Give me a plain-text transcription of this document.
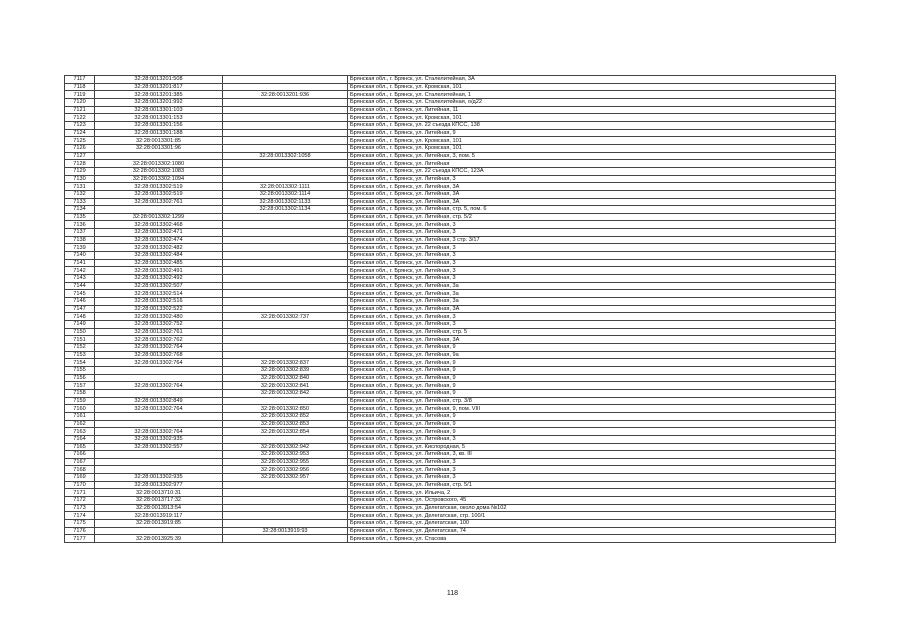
7117	32:28:0013201:508		Брянская обл., г. Брянск, ул. Сталелитейная, 3А
7118	32:28:0013201:817		Брянская обл., г. Брянск, ул. Кромская, 101
7119	32:28:0013201:385	32:28:0013201:936	Брянская обл., г. Брянск, ул. Сталелитейная, 1
7120	32:28:0013201:992		Брянская обл., г. Брянск, ул. Сталелитейная, о/д22
7121	32:28:0013301:103		Брянская обл., г. Брянск, ул. Литейная, 11
7122	32:28:0013301:153		Брянская обл., г. Брянск, ул. Кромская, 101
7123	32:28:0013301:156		Брянская обл., г. Брянск, ул. 22 съезда КПСС, 138
7124	32:28:0013301:188		Брянская обл., г. Брянск, ул. Литейная, 9
7125	32:28:0013301:85		Брянская обл., г. Брянск, ул. Кромская, 101
7126	32:28:0013301:96		Брянская обл., г. Брянск, ул. Кромская, 101
7127		32:28:0013302:1058	Брянская обл., г. Брянск, ул. Литейная, 3, пом. 5
7128	32:28:0013302:1080		Брянская обл., г. Брянск, ул. Литейная
7129	32:28:0013302:1083		Брянская обл., г. Брянск, ул. 22 съезда КПСС, 123А
7130	32:28:0013302:1094		Брянская обл., г. Брянск, ул. Литейная, 3
7131	32:28:0013302:519	32:28:0013302:1111	Брянская обл., г. Брянск, ул. Литейная, 3А
7132	32:28:0013302:519	32:28:0013302:1114	Брянская обл., г. Брянск, ул. Литейная, 3А
7133	32:28:0013302:761	32:28:0013302:1133	Брянская обл., г. Брянск, ул. Литейная, 3А
7134		32:28:0013302:1134	Брянская обл., г. Брянск, ул. Литейная, стр. 5, пом. 6
7135	32:28:0013302:1299		Брянская обл., г. Брянск, ул. Литейная, стр. 5/2
7136	32:28:0013302:468		Брянская обл., г. Брянск, ул. Литейная, 3
7137	32:28:0013302:471		Брянская обл., г. Брянск, ул. Литейная, 3
7138	32:28:0013302:474		Брянская обл., г. Брянск, ул. Литейная, 3 стр. 3/17
7139	32:28:0013302:482		Брянская обл., г. Брянск, ул. Литейная, 3
7140	32:28:0013302:484		Брянская обл., г. Брянск, ул. Литейная, 3
7141	32:28:0013302:485		Брянская обл., г. Брянск, ул. Литейная, 3
7142	32:28:0013302:491		Брянская обл., г. Брянск, ул. Литейная, 3
7143	32:28:0013302:492		Брянская обл., г. Брянск, ул. Литейная, 3
7144	32:28:0013302:507		Брянская обл., г. Брянск, ул. Литейная, 3а
7145	32:28:0013302:514		Брянская обл., г. Брянск, ул. Литейная, 3а
7146	32:28:0013302:516		Брянская обл., г. Брянск, ул. Литейная, 3а
7147	32:28:0013302:522		Брянская обл., г. Брянск, ул. Литейная, 3А
7148	32:28:0013302:480	32:28:0013302:737	Брянская обл., г. Брянск, ул. Литейная, 3
7149	32:28:0013302:752		Брянская обл., г. Брянск, ул. Литейная, 3
7150	32:28:0013302:761		Брянская обл., г. Брянск, ул. Литейная, стр. 5
7151	32:28:0013302:762		Брянская обл., г. Брянск, ул. Литейная, 3А
7152	32:28:0013302:764		Брянская обл., г. Брянск, ул. Литейная, 9
7153	32:28:0013302:768		Брянская обл., г. Брянск, ул. Литейная, 9а
7154	32:28:0013302:764	32:28:0013302:837	Брянская обл., г. Брянск, ул. Литейная, 9
7155		32:28:0013302:839	Брянская обл., г. Брянск, ул. Литейная, 9
7156		32:28:0013302:840	Брянская обл., г. Брянск, ул. Литейная, 9
7157	32:28:0013302:764	32:28:0013302:841	Брянская обл., г. Брянск, ул. Литейная, 9
7158		32:28:0013302:842	Брянская обл., г. Брянск, ул. Литейная, 9
7159	32:28:0013302:849		Брянская обл., г. Брянск, ул. Литейная, стр. 3/8
7160	32:28:0013302:764	32:28:0013302:850	Брянская обл., г. Брянск, ул. Литейная, 9, пом. VIII
7161		32:28:0013302:852	Брянская обл., г. Брянск, ул. Литейная, 9
7162		32:28:0013302:853	Брянская обл., г. Брянск, ул. Литейная, 9
7163	32:28:0013302:764	32:28:0013302:854	Брянская обл., г. Брянск, ул. Литейная, 9
7164	32:28:0013302:935		Брянская обл., г. Брянск, ул. Литейная, 3
7165	32:28:0013302:557	32:28:0013302:942	Брянская обл., г. Брянск, ул. Кислородная, 5
7166		32:28:0013302:953	Брянская обл., г. Брянск, ул. Литейная, 3, кв. III
7167		32:28:0013302:955	Брянская обл., г. Брянск, ул. Литейная, 3
7168		32:28:0013302:956	Брянская обл., г. Брянск, ул. Литейная, 3
7169	32:28:0013302:935	32:28:0013302:957	Брянская обл., г. Брянск, ул. Литейная, 3
7170	32:28:0013302:977		Брянская обл., г. Брянск, ул. Литейная, стр. 5/1
7171	32:28:0013710:31		Брянская обл., г. Брянск, ул. Ильича, 2
7172	32:28:0013717:32		Брянская обл., г. Брянск, ул. Островского, 45
7173	32:28:0013913:54		Брянская обл., г. Брянск, ул. Делегатская, около дома №102
7174	32:28:0013919:117		Брянская обл., г. Брянск, ул. Делегатская, стр. 100/1
7175	32:28:0013919:85		Брянская обл., г. Брянск, ул. Делегатская, 100
7176		32:28:0013919:93	Брянская обл., г. Брянск, ул. Делегатская, 74
7177	32:28:0013925:39		Брянская обл., г. Брянск, ул. Стасова
118
